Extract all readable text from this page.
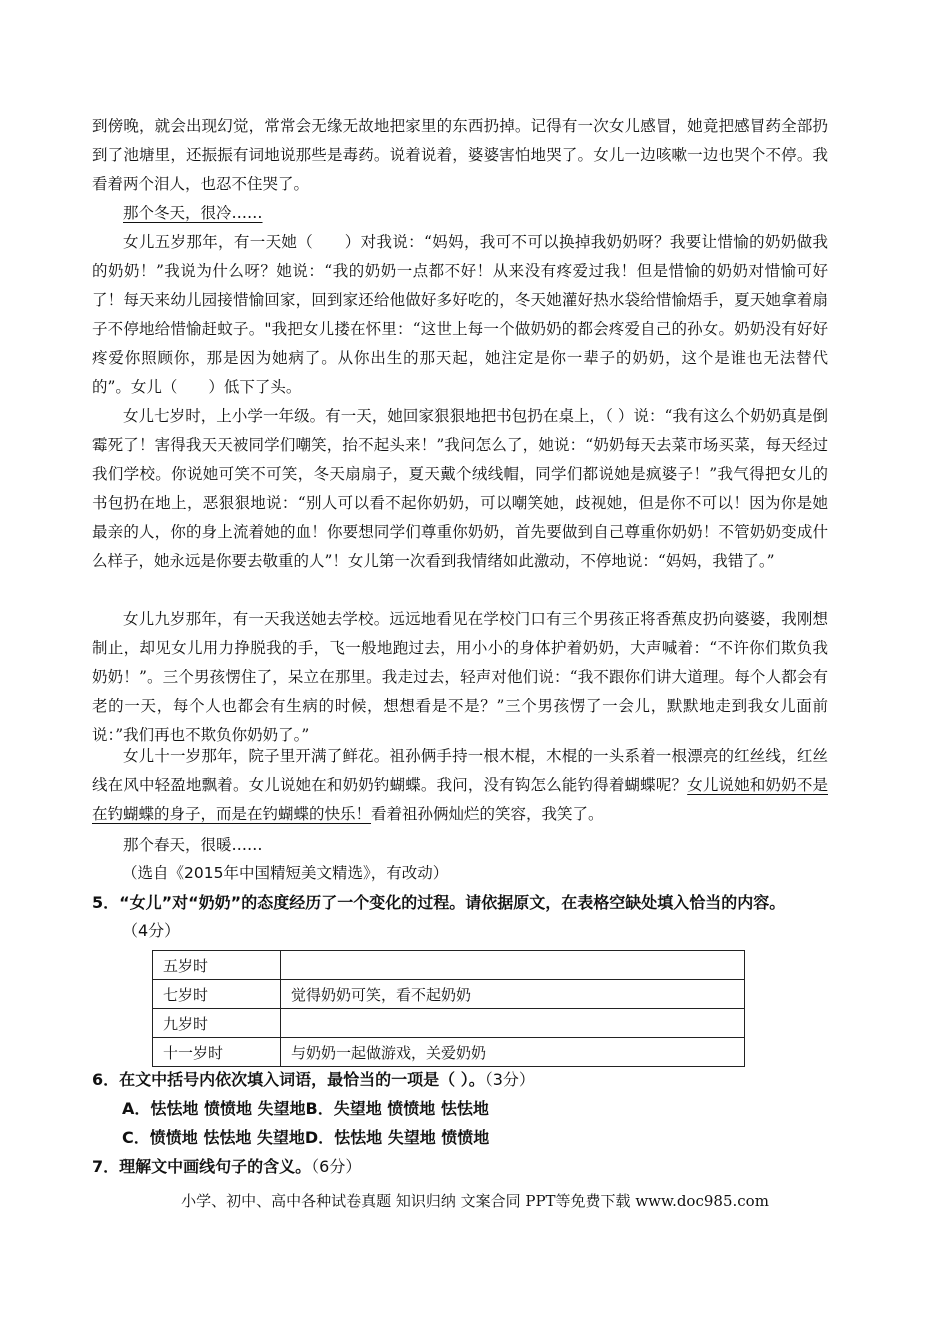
到傍晚，就会出现幻觉，常常会无缘无故地把家里的东西扔掉。记得有一次女儿感冒，她竟把感冒药全部扔到了池塘里，还振振有词地说那些是毒药。说着说着，婆婆害怕地哭了。女儿一边咳嗽一边也哭个不停。我看着两个泪人，也忍不住哭了。

那个冬天，很冷……

女儿五岁那年，有一天她（　　）对我说：“妈妈，我可不可以换掉我奶奶呀？我要让惜愉的奶奶做我的奶奶！”我说为什么呀？她说：“我的奶奶一点都不好！从来没有疼爱过我！但是惜愉的奶奶对惜愉可好了！每天来幼儿园接惜愉回家，回到家还给他做好多好吃的，冬天她灌好热水袋给惜愉焐手，夏天她拿着扇子不停地给惜愉赶蚊子。"我把女儿搂在怀里：“这世上每一个做奶奶的都会疼爱自己的孙女。奶奶没有好好疼爱你照顾你，那是因为她病了。从你出生的那天起，她注定是你一辈子的奶奶，这个是谁也无法替代的”。女儿（　　）低下了头。

女儿七岁时，上小学一年级。有一天，她回家狠狠地把书包扔在桌上，（ ）说：“我有这么个奶奶真是倒霉死了！害得我天天被同学们嘲笑，抬不起头来！”我问怎么了，她说：“奶奶每天去菜市场买菜，每天经过我们学校。你说她可笑不可笑，冬天扇扇子，夏天戴个绒线帽，同学们都说她是疯婆子！”我气得把女儿的书包扔在地上，恶狠狠地说：“别人可以看不起你奶奶，可以嘲笑她，歧视她，但是你不可以！因为你是她最亲的人，你的身上流着她的血！你要想同学们尊重你奶奶，首先要做到自己尊重你奶奶！不管奶奶变成什么样子，她永远是你要去敬重的人”！女儿第一次看到我情绪如此激动，不停地说：“妈妈，我错了。”

女儿九岁那年，有一天我送她去学校。远远地看见在学校门口有三个男孩正将香蕉皮扔向婆婆，我刚想制止，却见女儿用力挣脱我的手，飞一般地跑过去，用小小的身体护着奶奶，大声喊着：“不许你们欺负我奶奶！”。三个男孩愣住了，呆立在那里。我走过去，轻声对他们说：“我不跟你们讲大道理。每个人都会有老的一天，每个人也都会有生病的时候，想想看是不是？”三个男孩愣了一会儿，默默地走到我女儿面前说：”我们再也不欺负你奶奶了。”

女儿十一岁那年，院子里开满了鲜花。祖孙俩手持一根木棍，木棍的一头系着一根漂亮的红丝线，红丝线在风中轻盈地飘着。女儿说她在和奶奶钓蝴蝶。我问，没有钩怎么能钓得着蝴蝶呢？女儿说她和奶奶不是在钓蝴蝶的身子，而是在钓蝴蝶的快乐！看着祖孙俩灿烂的笑容，我笑了。

那个春天，很暖……

（选自《2015年中国精短美文精选》，有改动）

5．“女儿”对“奶奶”的态度经历了一个变化的过程。请依据原文，在表格空缺处填入恰当的内容。

（4分）

五岁时	
七岁时	觉得奶奶可笑，看不起奶奶
九岁时	
十一岁时	与奶奶一起做游戏，关爱奶奶

6．在文中括号内依次填入词语，最恰当的一项是（ ）。（3分）

A．怯怯地 愤愤地 失望地B．失望地 愤愤地 怯怯地

C．愤愤地 怯怯地 失望地D．怯怯地 失望地 愤愤地

7．理解文中画线句子的含义。（6分）

小学、初中、高中各种试卷真题 知识归纳 文案合同 PPT等免费下载 www.doc985.com
